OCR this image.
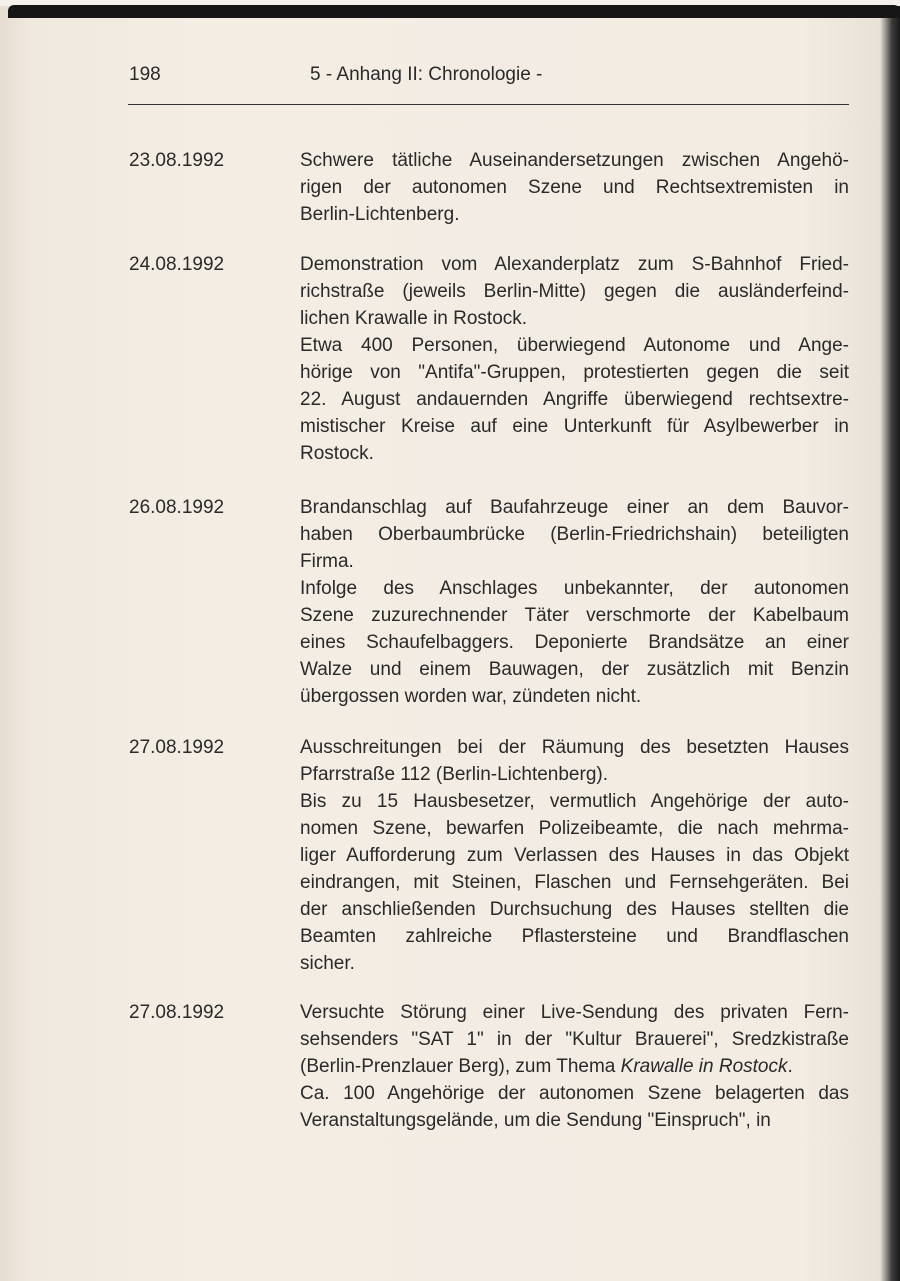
198	5 - Anhang II: Chronologie -
23.08.1992	Schwere tätliche Auseinandersetzungen zwischen Angehö-
rigen der autonomen Szene und Rechtsextremisten in
Berlin-Lichtenberg.
24.08.1992	Demonstration vom Alexanderplatz zum S-Bahnhof Fried-
richstraße (jeweils Berlin-Mitte) gegen die ausländerfeind-
lichen Krawalle in Rostock.
Etwa 400 Personen, überwiegend Autonome und Ange-
hörige von "Antifa"-Gruppen, protestierten gegen die seit
22. August andauernden Angriffe überwiegend rechtsextre-
mistischer Kreise auf eine Unterkunft für Asylbewerber in
Rostock.
26.08.1992	Brandanschlag auf Baufahrzeuge einer an dem Bauvor-
haben Oberbaumbrücke (Berlin-Friedrichshain) beteiligten
Firma.
Infolge des Anschlages unbekannter, der autonomen
Szene zuzurechnender Täter verschmorte der Kabelbaum
eines Schaufelbaggers. Deponierte Brandsätze an einer
Walze und einem Bauwagen, der zusätzlich mit Benzin
übergossen worden war, zündeten nicht.
27.08.1992	Ausschreitungen bei der Räumung des besetzten Hauses
Pfarrstraße 112 (Berlin-Lichtenberg).
Bis zu 15 Hausbesetzer, vermutlich Angehörige der auto-
nomen Szene, bewarfen Polizeibeamte, die nach mehrma-
liger Aufforderung zum Verlassen des Hauses in das Objekt
eindrangen, mit Steinen, Flaschen und Fernsehgeräten. Bei
der anschließenden Durchsuchung des Hauses stellten die
Beamten zahlreiche Pflastersteine und Brandflaschen
sicher.
27.08.1992	Versuchte Störung einer Live-Sendung des privaten Fern-
sehsenders "SAT 1" in der "Kultur Brauerei", Sredzkistraße
(Berlin-Prenzlauer Berg), zum Thema Krawalle in Rostock.
Ca. 100 Angehörige der autonomen Szene belagerten das
Veranstaltungsgelände, um die Sendung "Einspruch", in
